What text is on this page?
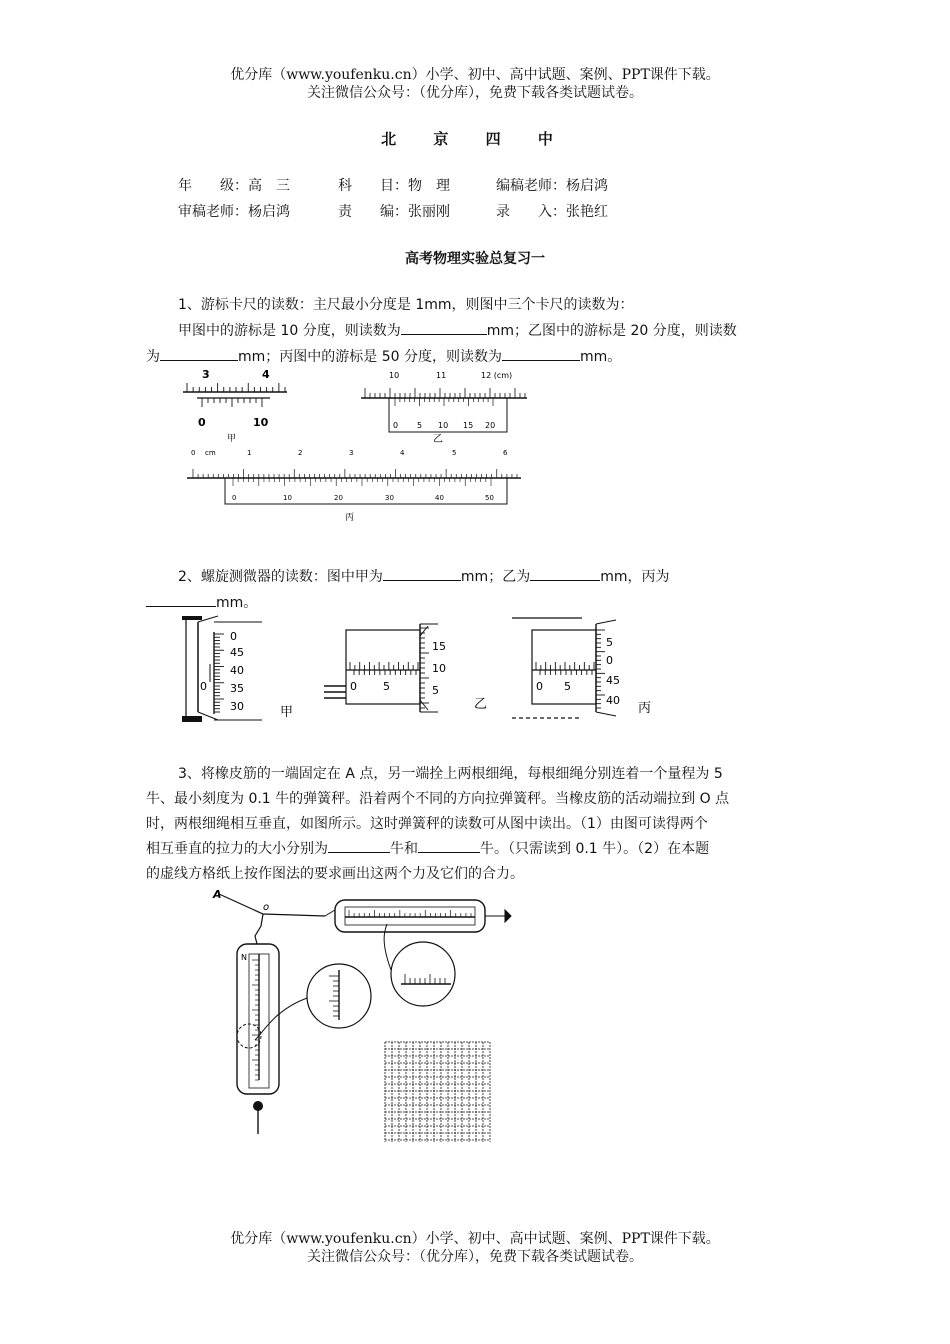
优分库（www.youfenku.cn）小学、初中、高中试题、案例、PPT课件下载。
关注微信公众号：（优分库），免费下载各类试题试卷。
北 京 四 中
年　　级：高　三	科　　目：物　理	编稿老师：杨启鸿
审稿老师：杨启鸿	责　　编：张丽刚	录　　入：张艳红
高考物理实验总复习一
1、游标卡尺的读数：主尺最小分度是 1mm，则图中三个卡尺的读数为：
甲图中的游标是 10 分度，则读数为	mm；乙图中的游标是 20 分度，则读数
为	mm；丙图中的游标是 50 分度，则读数为	mm。
3	4
0	10
甲
10	11	12 (cm)
0 5 10 15 20
乙
0 cm	1	2	3	4	5	6
0	10	20	30	40	50
丙
2、螺旋测微器的读数：图中甲为	mm；乙为	mm，丙为
mm。
0
45
40
35
30
0
甲
0 5
15
10
5
乙
0 5
5
0
45
40
丙
3、将橡皮筋的一端固定在 A 点，另一端拴上两根细绳，每根细绳分别连着一个量程为 5
牛、最小刻度为 0.1 牛的弹簧秤。沿着两个不同的方向拉弹簧秤。当橡皮筋的活动端拉到 O 点
时，两根细绳相互垂直，如图所示。这时弹簧秤的读数可从图中读出。（1）由图可读得两个
相互垂直的拉力的大小分别为	牛和	牛。（只需读到 0.1 牛）。（2）在本题
的虚线方格纸上按作图法的要求画出这两个力及它们的合力。
A
o
N
优分库（www.youfenku.cn）小学、初中、高中试题、案例、PPT课件下载。
关注微信公众号：（优分库），免费下载各类试题试卷。
